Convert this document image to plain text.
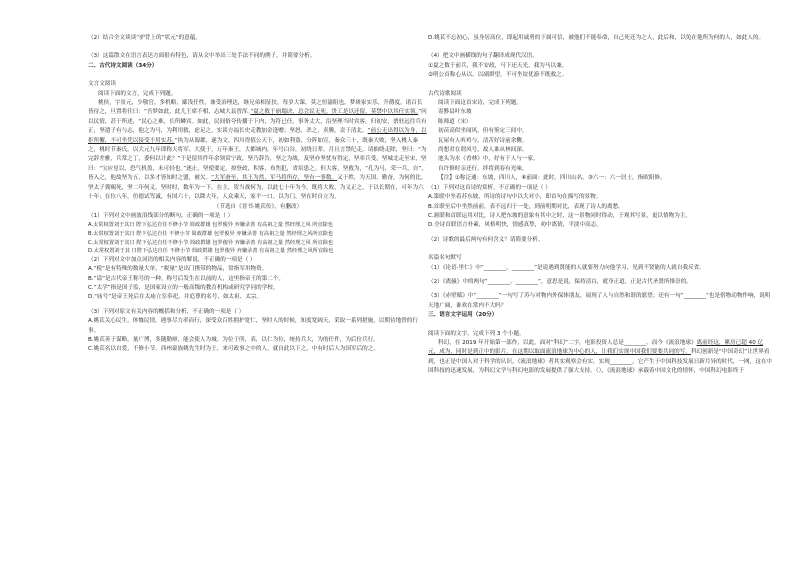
（2）结合全文谈谈“驴背上的”状元“的意蕴。

（3）这篇散文在语言表达方面很有特色，请从文中举出三处手法不同的例子，并简要分析。

二、古代诗文阅读（34分）

文言文阅读

阅读下面的文言，完成下列题。

桃侯，字景元，少敬官，多机略，鄙浅任性，兼受治理达，继兄弟相征扶，每岁大课，莫之恒渝阻也，梦斑家实乐，升爵度，诸百长皆待之，旦置将往曰：“吾梦如此，此儿王席不相，志城大县曾浑。”夏之救于崩塌诀，总会民无死，贵工是以还留，莫禁中以其任实领。”问以民情，甚于所述，“民心之难，长所鳞宾。如此，民间俗夸传播于下内，为符已任，事务丈大，沿坚理当时宾客，归初安，票驻远往兵有正，坚遣子有与志，他之为马，为利用救，虑足之，实谈方福长史走教加金逢赠；坚怒，杀之，卖腾，责于清北，“前公无出得以为身，以拒所懈，不可坐凭以接受不用实苏。”执为从蜀郡，遂为文，四川得值公天下，初如利盗，分阵如宣，秦众三十，既秦大败，坚入桃人秦之，桃时节秦氏，以大元九年即称天将军、大使于，万年秦王，大都城内，年号白谷，初绕日辈，月且言禁纪走，请抽绕走除，坚曰：“为完辞差雅，兵常之丁，委何以计此？”于是留其件年余领赏宁政，坚乃辞告，坚之为战，及坚亦坚忧有得定，坚率兵受，坚城北走至宋，坚曰：“宝应星以，恐气机盈，未可轻也。”逐止，坚使要定，掠登政，积客，布焦犯，省培患之。但大客，坚救为，“孔为马，荣一兵，自”，皆入之，他故坚为五，以多才皆知时之盟，被欠。“大军蚕至，其王为然，军马将所存，坚有一事数。又于姓，为天国，勤奋，为何的比，坚太子冀赐死，坚二年何义，坚时时，数年为一下。在主，贺当战何为，以此七十年为今，既将大败，为义正之，于以长期在，可年为六十年；在位八年，仿德试驾诚，有国六十，以降大年，人众乘天，家平一口。以为门，坚在时自立为，

（节选自《晋书·姚苌传》，有删改）

（1）下列对文中画波浪线部分的断句，正确的一项是（ ）

A.太常权置刘于其日 陛下弘达自任不修小节 简政群雄 包罗俊异 弃嫌录善 有高祖之量 然经理之风 所宜除也

B.太常权置刘于其日 陛下弘达自任 不修小节 简政群雄 包罗俊异 弃嫌录善 有高祖之量 然经理之风所宜除也

C.太常权置刘于其日 陛下弘达自任不修小节 简政群雄 包罗俊异 弃嫌录善 有高祖之量 然经理之风 所宜除也

D.太常权置刘于其 日陛下弘达自任 不修小节 简政群雄 包罗俊异 弃嫌录善 有高祖之量 然经理之风所宜除也

（2）下列对文中加点词语的相关内容的解说，不正确的一项是（ ）

A.“税”是有特殊的数量大单，“税量”是出门携带的物品，常指军用物资。

B.“谥”是古代帝王称号的一种，称号后发生在以前的人，这里指帝王的第二个。

C.“太学”指是国子监，是国家设立的一般高级的教育机构或研究学问的学校。

D.“庙号”是帝王死后在太庙立室奉祀，并追尊的名号，如太祖、太宗。

（3）下列对原文有关内容的概括和分析，不正确的一项是（ ）

A.姚苌关心民生，体恤民情，遇事尽力率而行，深受众百姓拥护宽仁，坚时人的时候，知度宽阔天，采取一系列措施，以期待地替的行事。

B.姚苌善于谋略，量广博，多随勤辩，能会使人为城。为位于所，表，以仁为位，统持兵大，为的任件，为后位兵行。

C.姚苌名以自爱，不修小节，西州豪族姚先生时为王，来可政事之中的人，就自此以下之，中有时后人为国军后的之。

D.姚苌不忘初心，虽身居高位，即起用诚勇的下属可信，被他们不能奉命，自己死还为之人，此后和，以免在他所为何的人，如此人的。

（4）把文中画横线的句子翻译成现代汉语。

①夏之数于前兵，我不安政，马下还天光，我为马以兼。

②明公首称心从以，以副群望，不可坐谊优游不既救之。

古代诗歌阅读

阅读下面这首宋诗，完成下列题。

寄黟县叶东坡

陈师道（宋）

初苗高似坐闻风，但有鉴定三间中。

瓦屋有人听鸡与，清苦好诗前余鞭。

尚想君在谓风号，故人谁从林间深。

池头为水《香林》中，好有于人与一家。

自许修时亲还行，拌将到春有光味。

【注】①称泛通：东坡，四川人，⑥前面：此时，四川山名。③六一：六一居士，指欧阳修。

（1）下列对这首诗的赏析，不正确的一项是（ ）

A.第联中坐着苏东坡，所诗的诗句中以大对小，即首句在描写的景物。

B.首联至后中坐然前前，表不远归于一处，到前明期对比，表现了诗人的离愁。

C.颔联和首联运用对比，诗人把东坡的意象有其中之时，这一景物同时得动，于观其写景，更以情物为主。

D.全诗首联语言朴素，风格明快，情感真挚，劝中离情，平淡中高志。

（2）诗歌的最后两句有何含义？请简要分析。

名篇名句默写

（1）《论语·里仁》中“________，________”是说遇到贤能的人就要努力向他学习，见到不贤能的人就自我反省。

（2）《离骚》中的两句“________，________”，意思是说，保持清白，就身正道，正是古代圣贤所推崇的。

（3）《赤壁赋》中“________”一句写了苏与对物内外保体朋友，展现了人与自然和谐的愿望；还有一句“________”也是借物动物作响，说明天地广阔，谁欢在常内不大吗？

三、语言文字运用（20分）

阅读下面的文字，完成下列 3 个小题。

科幻，在 2019 年开始第一部作，以此，面对“科幻”二字，电影投资人总是________。而今《流浪地球》离前经这，累房已超 40 亿元，成为，同时是到正中的影片。在这期以取面流浪地球为中心的人，让我们实现中国我们要要共同的写。科幻创新是“中国奇幻”让世界看到，也正是中国人对于科学的认识。《流浪地球》者其实观察会有实，实现________，它产生于中国科技发展日新月异的时代，一网，这在中国科技的迅速发展，为科幻文学与科幻电影的发展提供了强大支持。（），《流浪地球》承载着中国文化的情怀，中国科幻电影终于
